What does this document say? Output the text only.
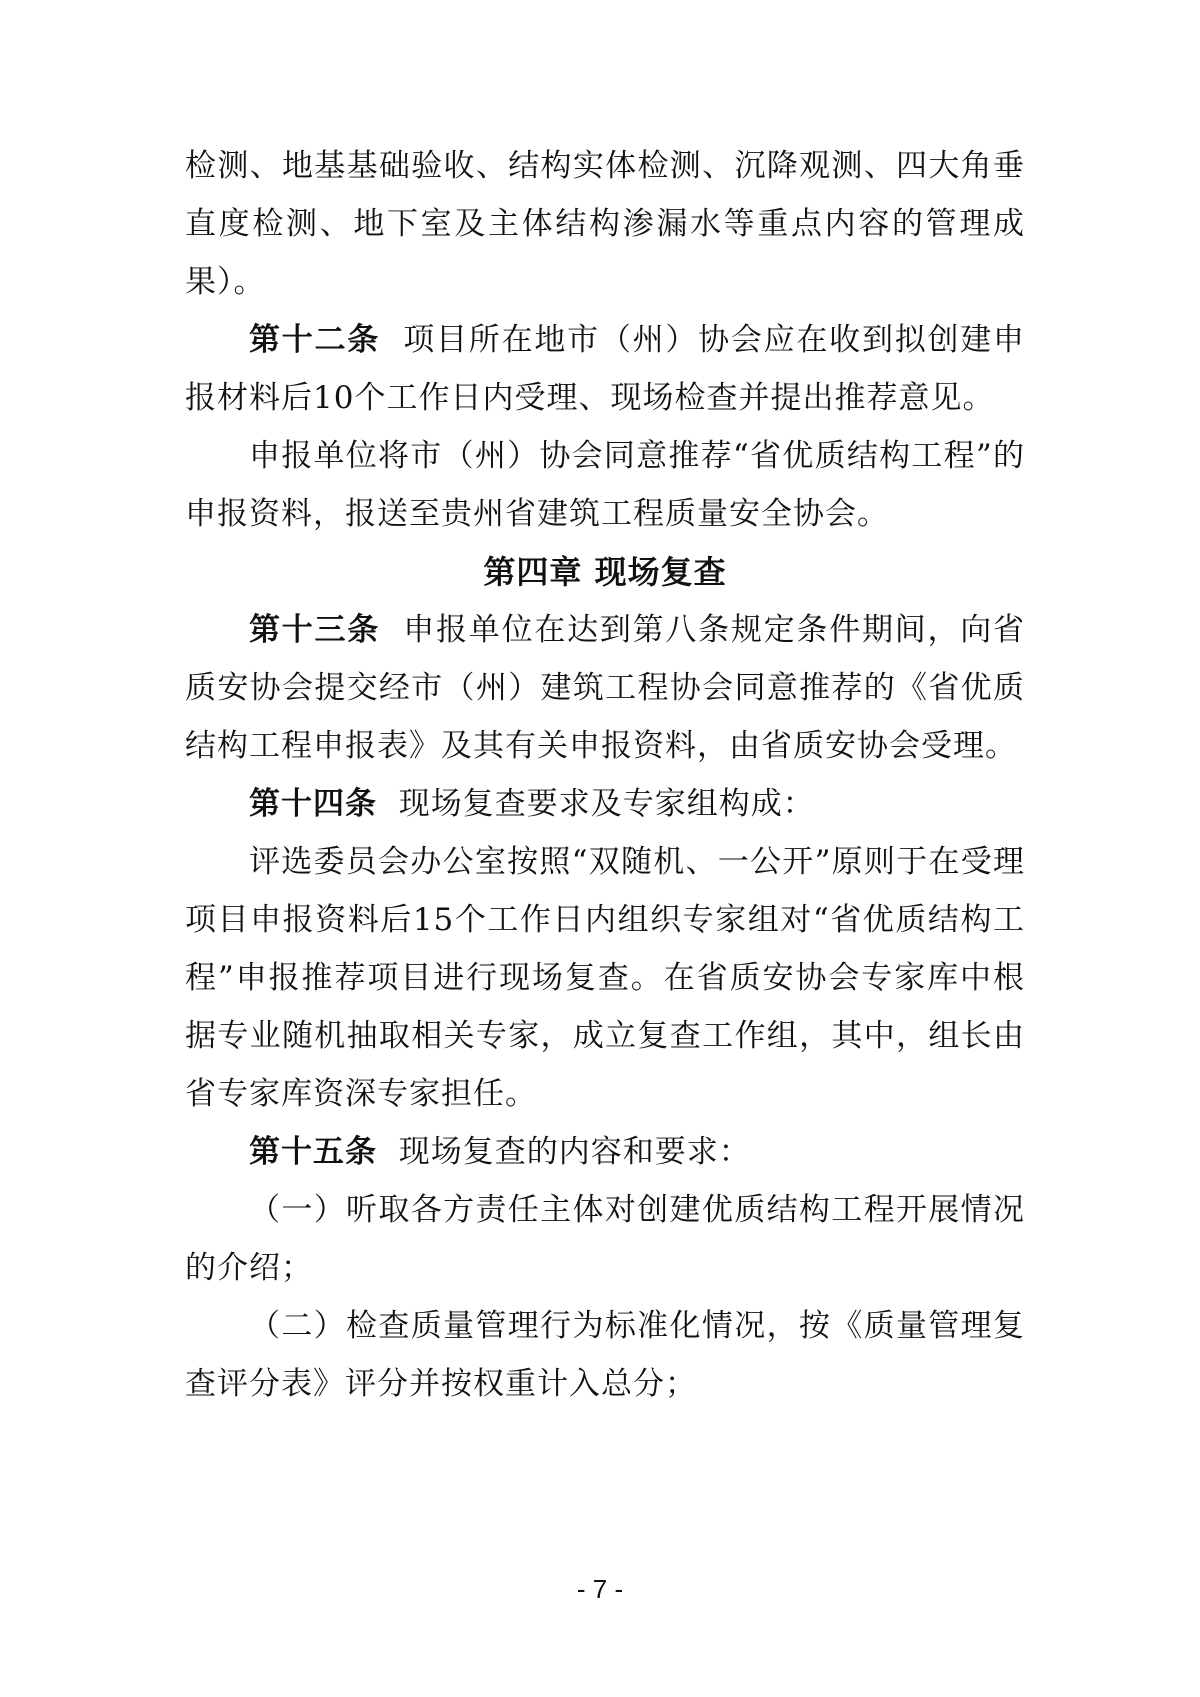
检测、地基基础验收、结构实体检测、沉降观测、四大角垂直度检测、地下室及主体结构渗漏水等重点内容的管理成果）。

第十二条 项目所在地市（州）协会应在收到拟创建申报材料后10个工作日内受理、现场检查并提出推荐意见。

申报单位将市（州）协会同意推荐“省优质结构工程”的申报资料，报送至贵州省建筑工程质量安全协会。

第四章 现场复查

第十三条 申报单位在达到第八条规定条件期间，向省质安协会提交经市（州）建筑工程协会同意推荐的《省优质结构工程申报表》及其有关申报资料，由省质安协会受理。

第十四条 现场复查要求及专家组构成：

评选委员会办公室按照“双随机、一公开”原则于在受理项目申报资料后15个工作日内组织专家组对“省优质结构工程”申报推荐项目进行现场复查。在省质安协会专家库中根据专业随机抽取相关专家，成立复查工作组，其中，组长由省专家库资深专家担任。

第十五条 现场复查的内容和要求：

（一）听取各方责任主体对创建优质结构工程开展情况的介绍；

（二）检查质量管理行为标准化情况，按《质量管理复查评分表》评分并按权重计入总分；

- 7 -
